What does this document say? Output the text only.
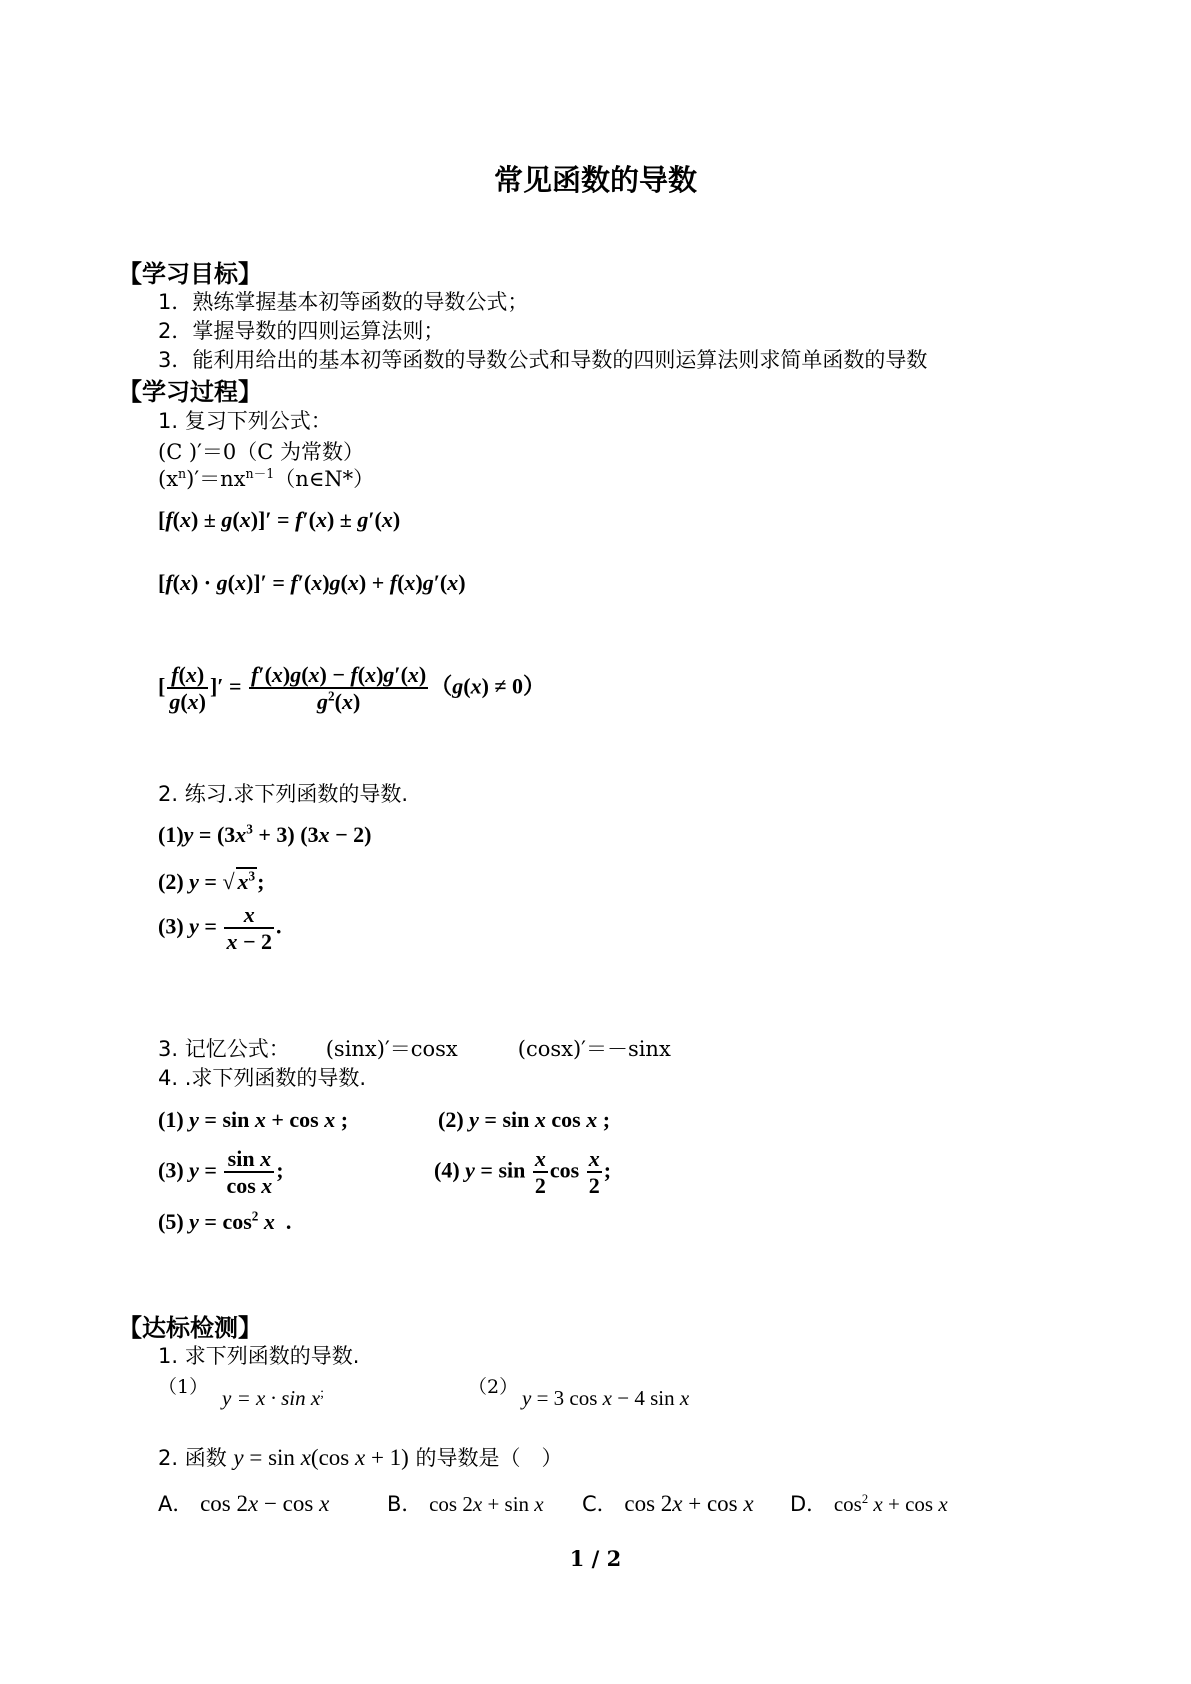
常见函数的导数
【学习目标】
1．熟练掌握基本初等函数的导数公式；
2．掌握导数的四则运算法则；
3．能利用给出的基本初等函数的导数公式和导数的四则运算法则求简单函数的导数
【学习过程】
1. 复习下列公式：
(C )′＝0（C 为常数）
$(x^n)'=nx^{n-1}(n\in N*)$
[f(x) ± g(x)]′ = f′(x) ± g′(x)
[f(x) · g(x)]′ = f′(x)g(x) + f(x)g′(x)
[ $\frac{f(x)}{g(x)}$ ]′ = $\frac{f'(x)g(x) - f(x)g'(x)}{g^2(x)} (g(x) \ne 0)$
2. 练习.求下列函数的导数.
$(1)y = (3x^3 + 3) (3x - 2)$
(2) y = √ $x^3$;
(3) $y = \frac{x}{x - 2}$ .
3. 记忆公式： (sinx)′＝cosx	(cosx)′＝－sinx
4. .求下列函数的导数.
(1) y = sin x + cos x ;	(2) y = sin x cos x ;
(3) $y = \frac{\text{sin x}}{\text{cos x}}$ ;	(4) $y = \sin \frac{x}{2}$ $\cos \frac{x}{2}$ ;
(5) $y = \cos^2 x$  .
【达标检测】
1. 求下列函数的导数.
（1） y = x · sin x;	（2） y = 3 cos x − 4 sin x
2. 函数 y = sin x(cos x + 1) 的导数是（　）
A． cos 2x − cos x	B． cos 2x + sin x C． cos 2x + cos x D． $\cos^2 x + \cos x$
1 / 2
